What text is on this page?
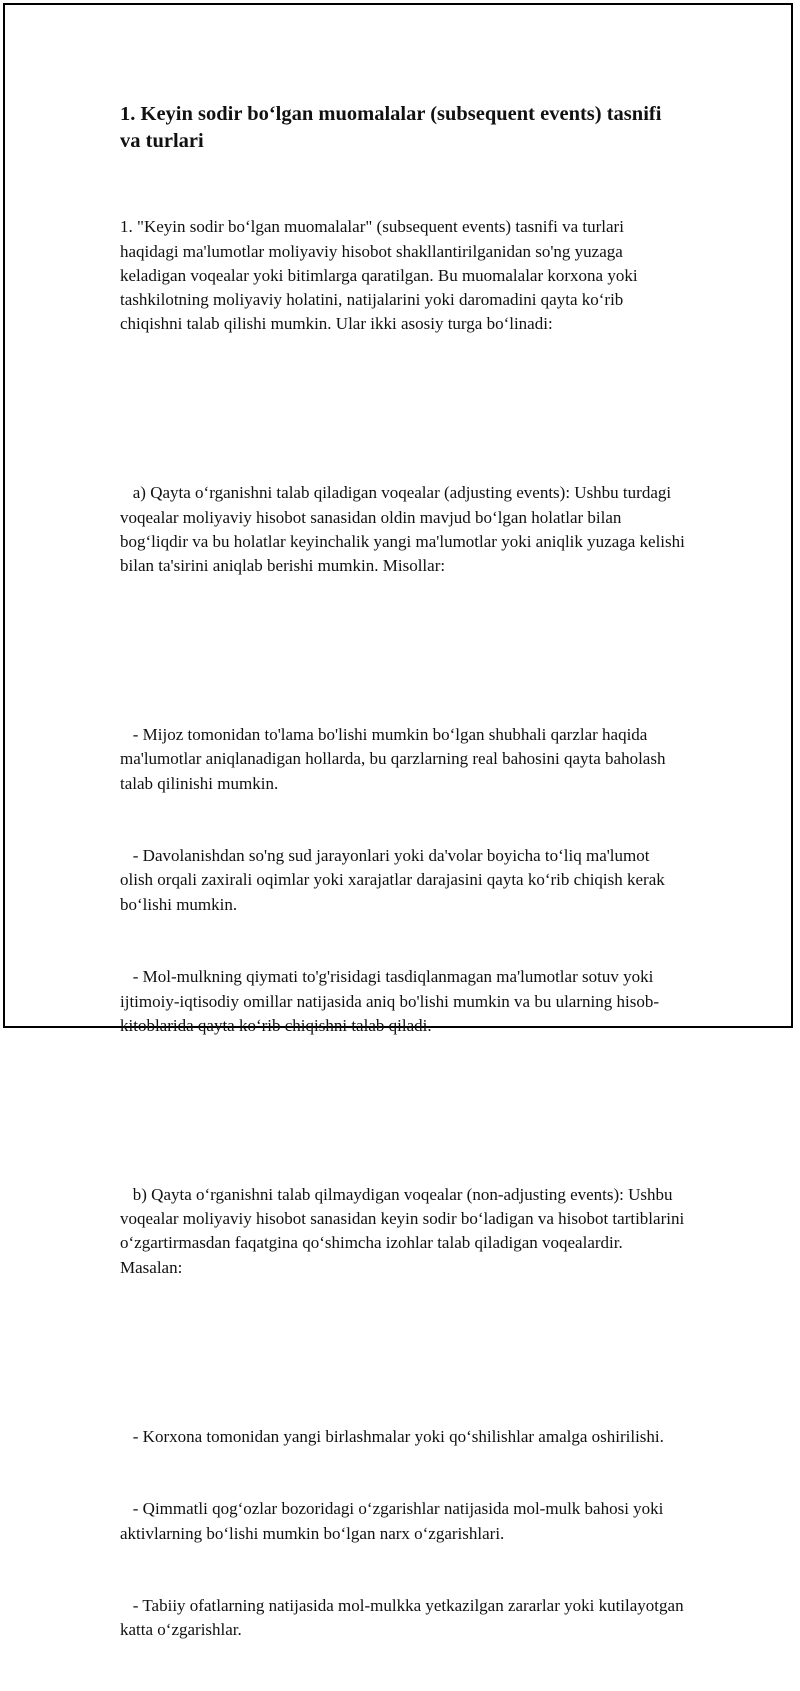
1. Keyin sodir boʻlgan muomalalar (subsequent events) tasnifi va turlari

1. "Keyin sodir boʻlgan muomalalar" (subsequent events) tasnifi va turlari haqidagi ma'lumotlar moliyaviy hisobot shakllantirilganidan so'ng yuzaga keladigan voqealar yoki bitimlarga qaratilgan. Bu muomalalar korxona yoki tashkilotning moliyaviy holatini, natijalarini yoki daromadini qayta koʻrib chiqishni talab qilishi mumkin. Ular ikki asosiy turga boʻlinadi:

a) Qayta oʻrganishni talab qiladigan voqealar (adjusting events): Ushbu turdagi voqealar moliyaviy hisobot sanasidan oldin mavjud boʻlgan holatlar bilan bogʻliqdir va bu holatlar keyinchalik yangi ma'lumotlar yoki aniqlik yuzaga kelishi bilan ta'sirini aniqlab berishi mumkin. Misollar:

- Mijoz tomonidan to'lama bo'lishi mumkin boʻlgan shubhali qarzlar haqida ma'lumotlar aniqlanadigan hollarda, bu qarzlarning real bahosini qayta baholash talab qilinishi mumkin.

- Davolanishdan so'ng sud jarayonlari yoki da'volar boyicha toʻliq ma'lumot olish orqali zaxirali oqimlar yoki xarajatlar darajasini qayta koʻrib chiqish kerak boʻlishi mumkin.

- Mol-mulkning qiymati to'g'risidagi tasdiqlanmagan ma'lumotlar sotuv yoki ijtimoiy-iqtisodiy omillar natijasida aniq bo'lishi mumkin va bu ularning hisob-kitoblarida qayta koʻrib chiqishni talab qiladi.

b) Qayta oʻrganishni talab qilmaydigan voqealar (non-adjusting events): Ushbu voqealar moliyaviy hisobot sanasidan keyin sodir boʻladigan va hisobot tartiblarini oʻzgartirmasdan faqatgina qoʻshimcha izohlar talab qiladigan voqealardir. Masalan:

- Korxona tomonidan yangi birlashmalar yoki qoʻshilishlar amalga oshirilishi.

- Qimmatli qogʻozlar bozoridagi oʻzgarishlar natijasida mol-mulk bahosi yoki aktivlarning boʻlishi mumkin boʻlgan narx oʻzgarishlari.

- Tabiiy ofatlarning natijasida mol-mulkka yetkazilgan zararlar yoki kutilayotgan katta oʻzgarishlar.
